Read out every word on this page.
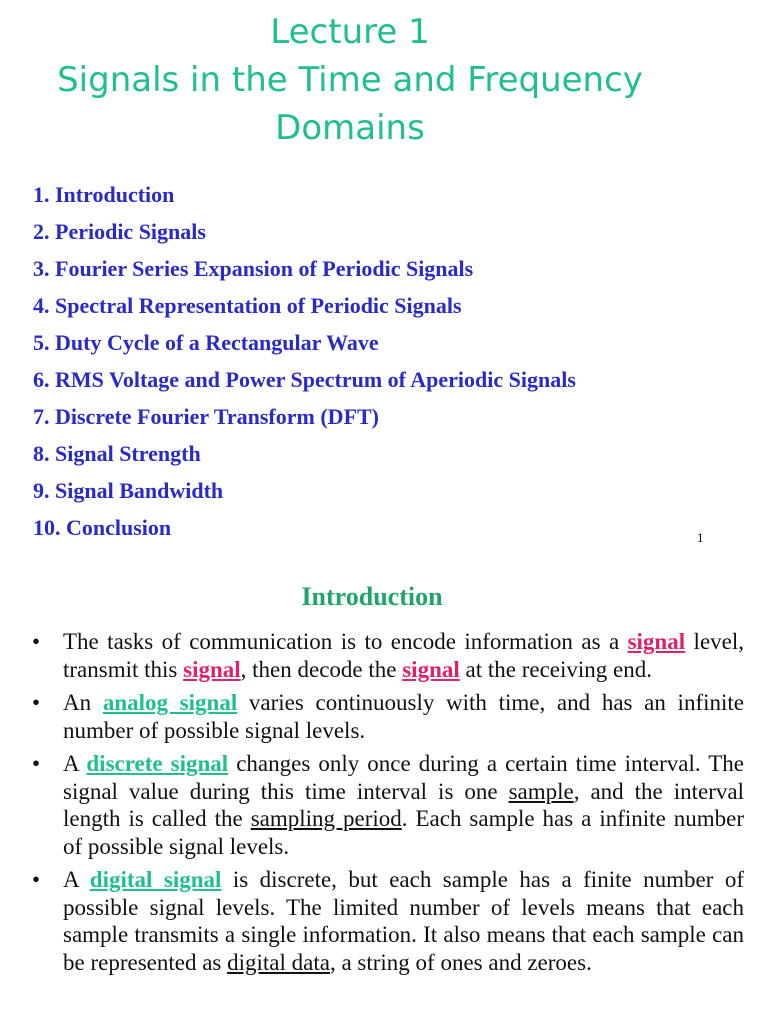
Lecture 1
Signals in the Time and Frequency
Domains
1. Introduction
2. Periodic Signals
3. Fourier Series Expansion of Periodic Signals
4. Spectral Representation of Periodic Signals
5. Duty Cycle of a Rectangular Wave
6. RMS Voltage and Power Spectrum of Aperiodic Signals
7. Discrete Fourier Transform (DFT)
8. Signal Strength
9. Signal Bandwidth
10. Conclusion	1
Introduction
• The tasks of communication is to encode information as a signal level, transmit this signal, then decode the signal at the receiving end.
• An analog signal varies continuously with time, and has an infinite number of possible signal levels.
• A discrete signal changes only once during a certain time interval. The signal value during this time interval is one sample, and the interval length is called the sampling period. Each sample has a infinite number of possible signal levels.
• A digital signal is discrete, but each sample has a finite number of possible signal levels. The limited number of levels means that each sample transmits a single information. It also means that each sample can be represented as digital data, a string of ones and zeroes.
